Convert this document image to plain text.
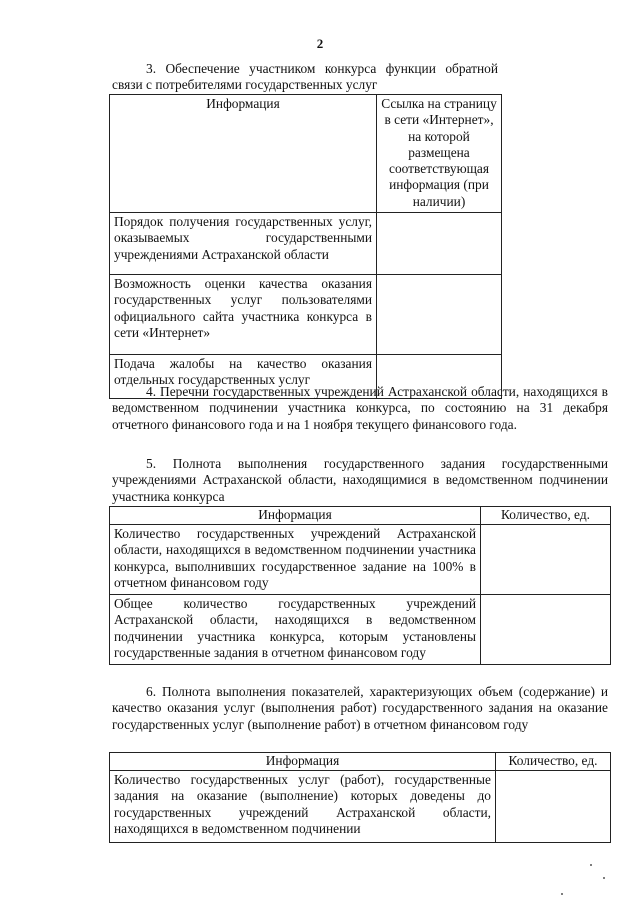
2
3. Обеспечение участником конкурса функции обратной связи с потребителями государственных услуг
Информация	Ссылка на страницу в сети «Интернет», на которой размещена соответствующая информация (при наличии)
Порядок получения государственных услуг, оказываемых государственными учреждениями Астраханской области	
Возможность оценки качества оказания государственных услуг пользователями официального сайта участника конкурса в сети «Интернет»	
Подача жалобы на качество оказания отдельных государственных услуг	
4. Перечни государственных учреждений Астраханской области, находящихся в ведомственном подчинении участника конкурса, по состоянию на 31 декабря отчетного финансового года и на 1 ноября текущего финансового года.
5. Полнота выполнения государственного задания государственными учреждениями Астраханской области, находящимися в ведомственном подчинении участника конкурса
Информация	Количество, ед.
Количество государственных учреждений Астраханской области, находящихся в ведомственном подчинении участника конкурса, выполнивших государственное задание на 100% в отчетном финансовом году	
Общее количество государственных учреждений Астраханской области, находящихся в ведомственном подчинении участника конкурса, которым установлены государственные задания в отчетном финансовом году	
6. Полнота выполнения показателей, характеризующих объем (содержание) и качество оказания услуг (выполнения работ) государственного задания на оказание государственных услуг (выполнение работ) в отчетном финансовом году
Информация	Количество, ед.
Количество государственных услуг (работ), государственные задания на оказание (выполнение) которых доведены до государственных учреждений Астраханской области, находящихся в ведомственном подчинении	
